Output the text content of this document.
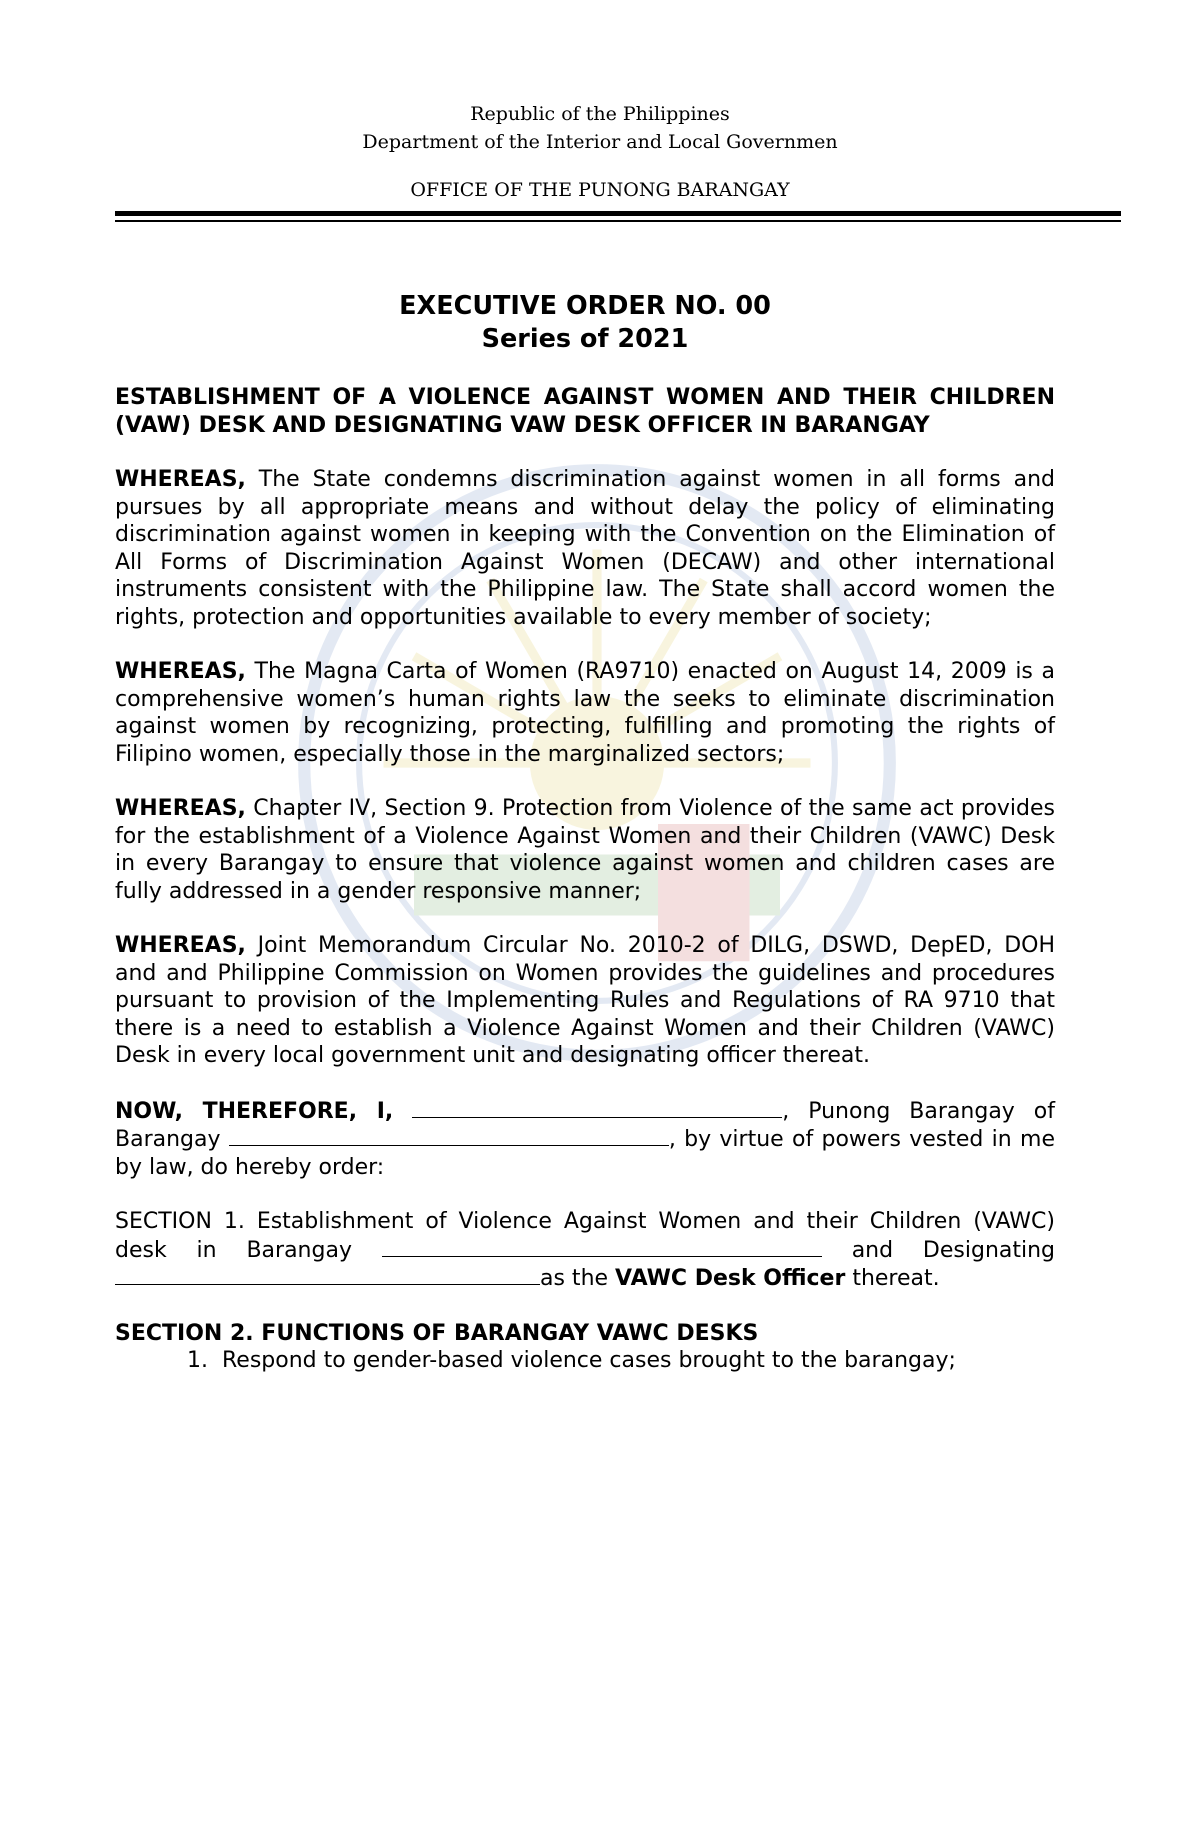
Republic of the Philippines
Department of the Interior and Local Governmen
OFFICE OF THE PUNONG BARANGAY
EXECUTIVE ORDER NO. 00
Series of 2021
ESTABLISHMENT OF A VIOLENCE AGAINST WOMEN AND THEIR CHILDREN (VAW) DESK AND DESIGNATING VAW DESK OFFICER IN BARANGAY

WHEREAS, The State condemns discrimination against women in all forms and pursues by all appropriate means and without delay the policy of eliminating discrimination against women in keeping with the Convention on the Elimination of All Forms of Discrimination Against Women (DECAW) and other international instruments consistent with the Philippine law. The State shall accord women the rights, protection and opportunities available to every member of society;

WHEREAS, The Magna Carta of Women (RA9710) enacted on August 14, 2009 is a comprehensive women’s human rights law the seeks to eliminate discrimination against women by recognizing, protecting, fulfilling and promoting the rights of Filipino women, especially those in the marginalized sectors;

WHEREAS, Chapter IV, Section 9. Protection from Violence of the same act provides for the establishment of a Violence Against Women and their Children (VAWC) Desk in every Barangay to ensure that violence against women and children cases are fully addressed in a gender responsive manner;

WHEREAS, Joint Memorandum Circular No. 2010-2 of DILG, DSWD, DepED, DOH and and Philippine Commission on Women provides the guidelines and procedures pursuant to provision of the Implementing Rules and Regulations of RA 9710 that there is a need to establish a Violence Against Women and their Children (VAWC) Desk in every local government unit and designating officer thereat.

NOW, THEREFORE, I,	, Punong Barangay of Barangay	, by virtue of powers vested in me by law, do hereby order:

SECTION 1. Establishment of Violence Against Women and their Children (VAWC) desk in Barangay	and Designating as the VAWC Desk Officer thereat.

SECTION 2. FUNCTIONS OF BARANGAY VAWC DESKS
1. Respond to gender-based violence cases brought to the barangay;
